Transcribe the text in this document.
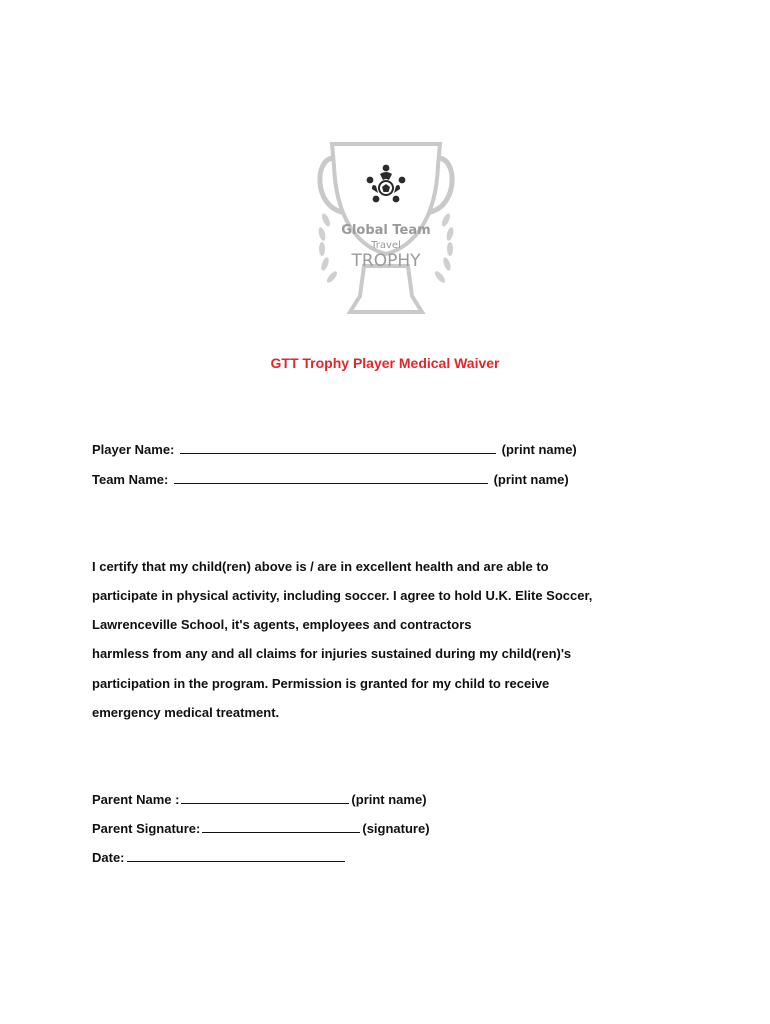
Global Team
Travel
TROPHY
GTT Trophy Player Medical Waiver
Player Name:	(print name)
Team Name:	(print name)
I certify that my child(ren) above is / are in excellent health and are able to
participate in physical activity, including soccer. I agree to hold U.K. Elite Soccer,
Lawrenceville School, it's agents, employees and contractors
harmless from any and all claims for injuries sustained during my child(ren)'s
participation in the program. Permission is granted for my child to receive
emergency medical treatment.
Parent Name :	(print name)
Parent Signature:	(signature)
Date:
